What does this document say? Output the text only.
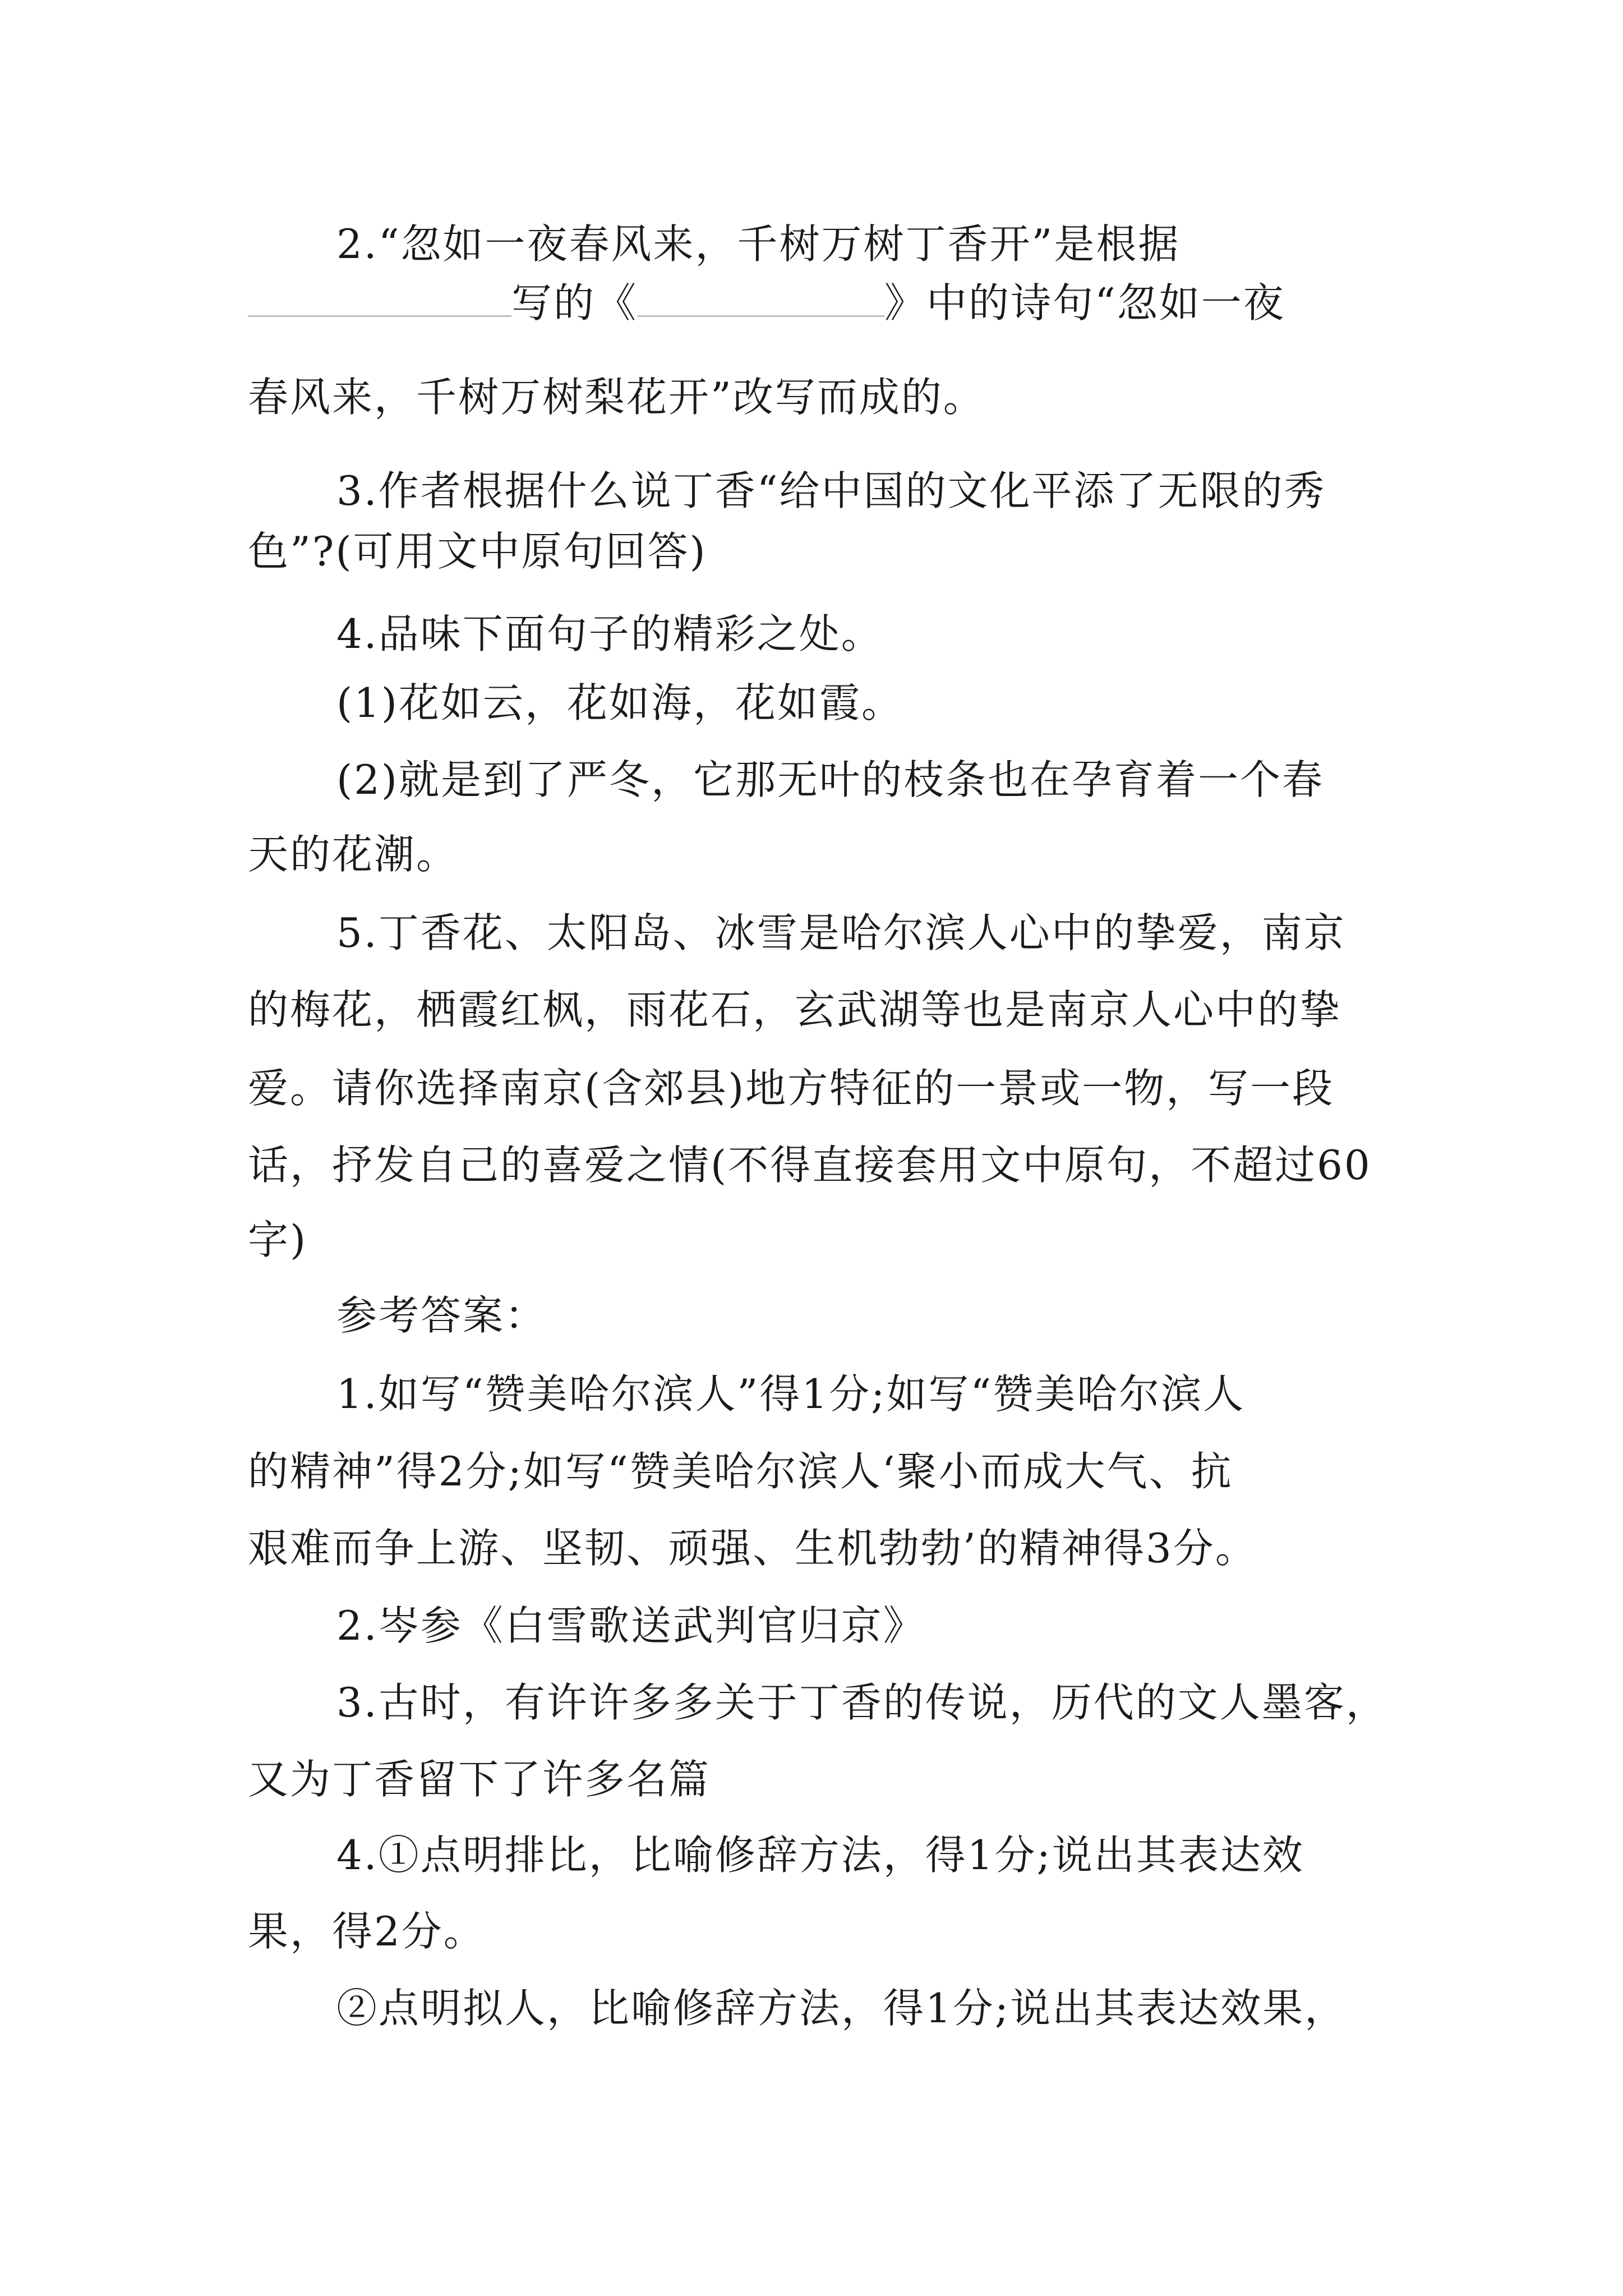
2.“忽如一夜春风来，千树万树丁香开”是根据
写的《	》中的诗句“忽如一夜
春风来，千树万树梨花开”改写而成的。
3.作者根据什么说丁香“给中国的文化平添了无限的秀
色”?(可用文中原句回答)
4.品味下面句子的精彩之处。
(1)花如云，花如海，花如霞。
(2)就是到了严冬，它那无叶的枝条也在孕育着一个春
天的花潮。
5.丁香花、太阳岛、冰雪是哈尔滨人心中的挚爱，南京
的梅花，栖霞红枫，雨花石，玄武湖等也是南京人心中的挚
爱。请你选择南京(含郊县)地方特征的一景或一物，写一段
话，抒发自己的喜爱之情(不得直接套用文中原句，不超过60
字)
参考答案：
1.如写“赞美哈尔滨人”得1分;如写“赞美哈尔滨人
的精神”得2分;如写“赞美哈尔滨人‘聚小而成大气、抗
艰难而争上游、坚韧、顽强、生机勃勃’的精神得3分。
2.岑参《白雪歌送武判官归京》
3.古时，有许许多多关于丁香的传说，历代的文人墨客，
又为丁香留下了许多名篇
4.①点明排比，比喻修辞方法，得1分;说出其表达效
果，得2分。
②点明拟人，比喻修辞方法，得1分;说出其表达效果，
